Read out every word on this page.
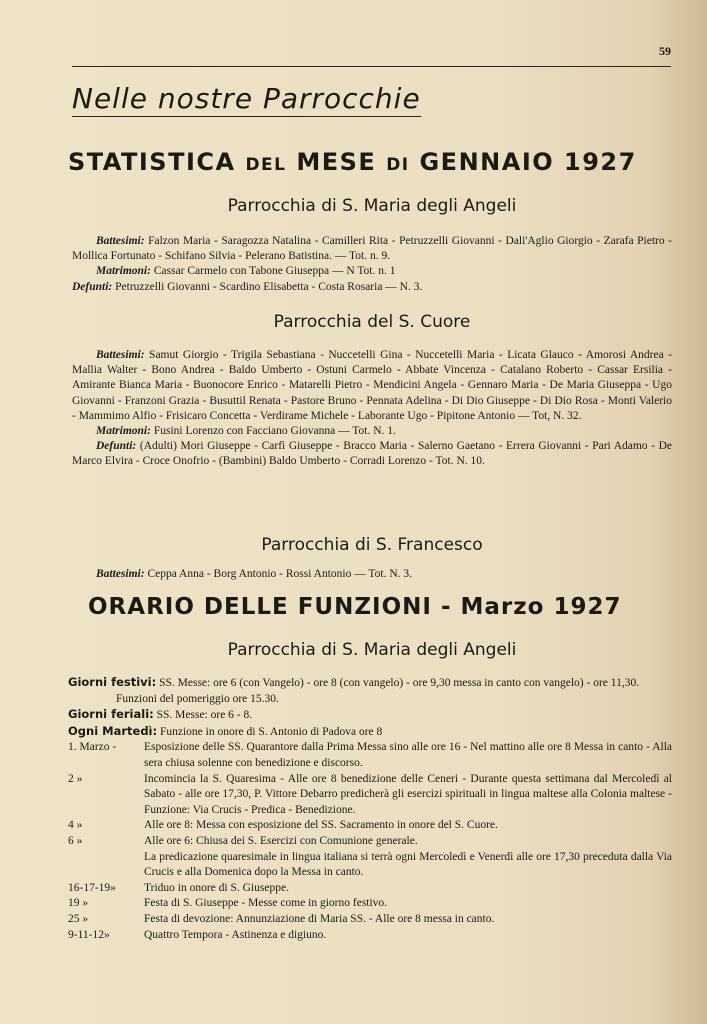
59
Nelle nostre Parrocchie
STATISTICA DEL MESE DI GENNAIO 1927
Parrocchia di S. Maria degli Angeli

Battesimi: Falzon Maria - Saragozza Natalina - Camilleri Rita - Petruzzelli Giovanni - Dali'Aglio Giorgio - Zarafa Pietro - Mollica Fortunato - Schifano Silvia - Pelerano Batistina. — Tot. n. 9.

Matrimoni: Cassar Carmelo con Tabone Giuseppa — N Tot. n. 1

Defunti: Petruzzelli Giovanni - Scardino Elisabetta - Costa Rosaria — N. 3.

Parrocchia del S. Cuore

Battesimi: Samut Giorgio - Trigila Sebastiana - Nuccetelli Gina - Nuccetelli Maria - Licata Glauco - Amorosi Andrea - Mallia Walter - Bono Andrea - Baldo Umberto - Ostuni Carmelo - Abbate Vincenza - Catalano Roberto - Cassar Ersilia - Amirante Bianca Maria - Buonocore Enrico - Matarelli Pietro - Mendicini Angela - Gennaro Maria - De Maria Giuseppa - Ugo Giovanni - Franzoni Grazia - Busuttil Renata - Pastore Bruno - Pennata Adelina - Di Dio Giuseppe - Di Dio Rosa - Monti Valerio - Mammimo Alfio - Frisicaro Concetta - Verdirame Michele - Laborante Ugo - Pipitone Antonio — Tot, N. 32.

Matrimoni: Fusini Lorenzo con Facciano Giovanna — Tot. N. 1.

Defunti: (Adulti) Mori Giuseppe - Carfì Giuseppe - Bracco Maria - Salerno Gaetano - Errera Giovanni - Pari Adamo - De Marco Elvira - Croce Onofrio - (Bambini) Baldo Umberto - Corradi Lorenzo - Tot. N. 10.

Parrocchia di S. Francesco

Battesimi: Ceppa Anna - Borg Antonio - Rossi Antonio — Tot. N. 3.

ORARIO DELLE FUNZIONI - Marzo 1927
Parrocchia di S. Maria degli Angeli

Giorni festivi: SS. Messe: ore 6 (con Vangelo) - ore 8 (con vangelo) - ore 9,30 messa in canto con vangelo) - ore 11,30. Funzioni del pomeriggio ore 15.30.

Giorni feriali: SS. Messe: ore 6 - 8.

Ogni Martedì: Funzione in onore di S. Antonio di Padova ore 8

1. Marzo -	Esposizione delle SS. Quarantore dalla Prima Messa sino alle ore 16 - Nel mattino alle ore 8 Messa in canto - Alla sera chiusa solenne con benedizione e discorso.
2 »	Incomincia la S. Quaresima - Alle ore 8 benedizione delle Ceneri - Durante questa settimana dal Mercoledì al Sabato - alle ore 17,30, P. Vittore Debarro predicherà gli esercizi spirituali in lingua maltese alla Colonia maltese - Funzione: Via Crucis - Predica - Benedizione.
4 »	Alle ore 8: Messa con esposizione del SS. Sacramento in onore del S. Cuore.
6 »	Alle ore 6: Chiusa dei S. Esercizi con Comunione generale.
La predicazione quaresimale in lingua italiana si terrà ogni Mercoledì e Venerdì alle ore 17,30 preceduta dalla Via Crucis e alla Domenica dopo la Messa in canto.
16-17-19»	Triduo in onore di S. Giuseppe.
19 »	Festa di S. Giuseppe - Messe come in giorno festivo.
25 »	Festa di devozione: Annunziazione di Maria SS. - Alle ore 8 messa in canto.
9-11-12»	Quattro Tempora - Astinenza e digiuno.
